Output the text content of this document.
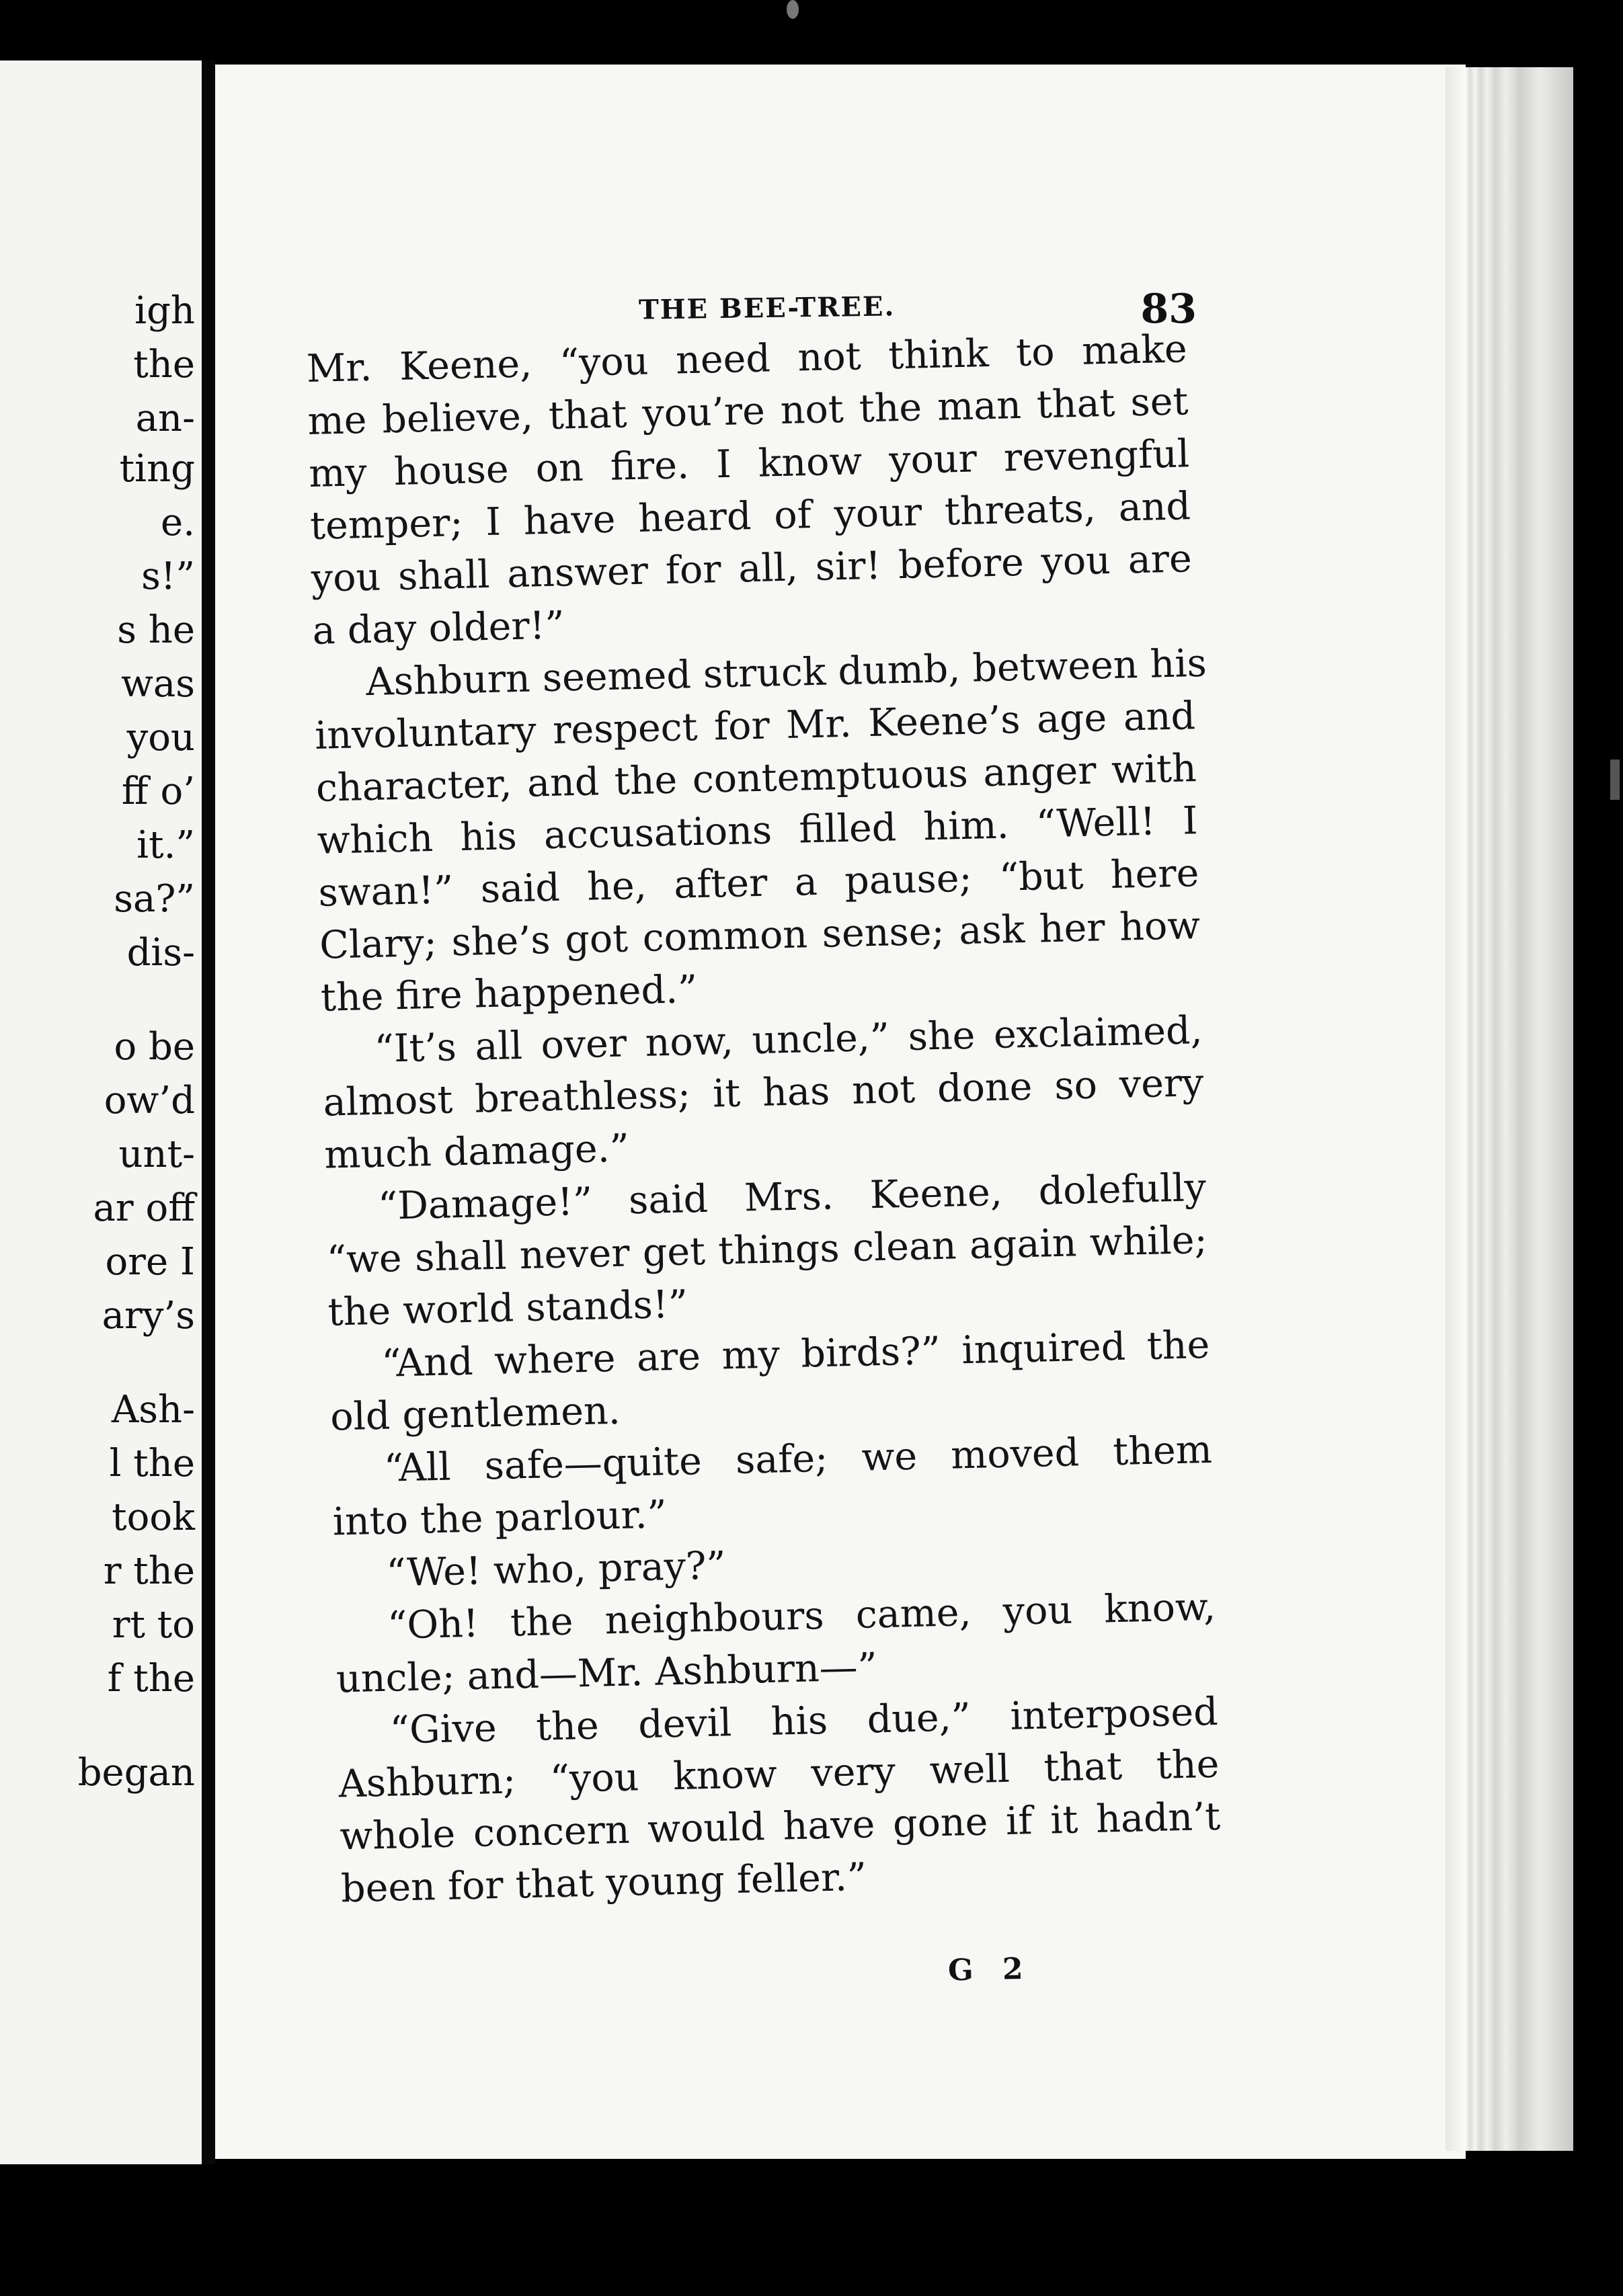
igh
the
an-
ting
e.
s!”
s he
was
you
ff o’
it.”
sa?”
dis-
o be
ow’d
unt-
ar off
ore I
ary’s
Ash-
l the
took
r the
rt to
f the
began
THE BEE-TREE.	83
Mr. Keene, “you need not think to make
me believe, that you’re not the man that set
my house on fire. I know your revengful
temper; I have heard of your threats, and
you shall answer for all, sir! before you are
a day older!”
Ashburn seemed struck dumb, between his
involuntary respect for Mr. Keene’s age and
character, and the contemptuous anger with
which his accusations filled him. “Well! I
swan!” said he, after a pause; “but here
Clary; she’s got common sense; ask her how
the fire happened.”
“It’s all over now, uncle,” she exclaimed,
almost breathless; it has not done so very
much damage.”
“Damage!” said Mrs. Keene, dolefully
“we shall never get things clean again while;
the world stands!”
“And where are my birds?” inquired the
old gentlemen.
“All safe—quite safe; we moved them
into the parlour.”
“We! who, pray?”
“Oh! the neighbours came, you know,
uncle; and—Mr. Ashburn—”
“Give the devil his due,” interposed
Ashburn; “you know very well that the
whole concern would have gone if it hadn’t
been for that young feller.”
G 2
